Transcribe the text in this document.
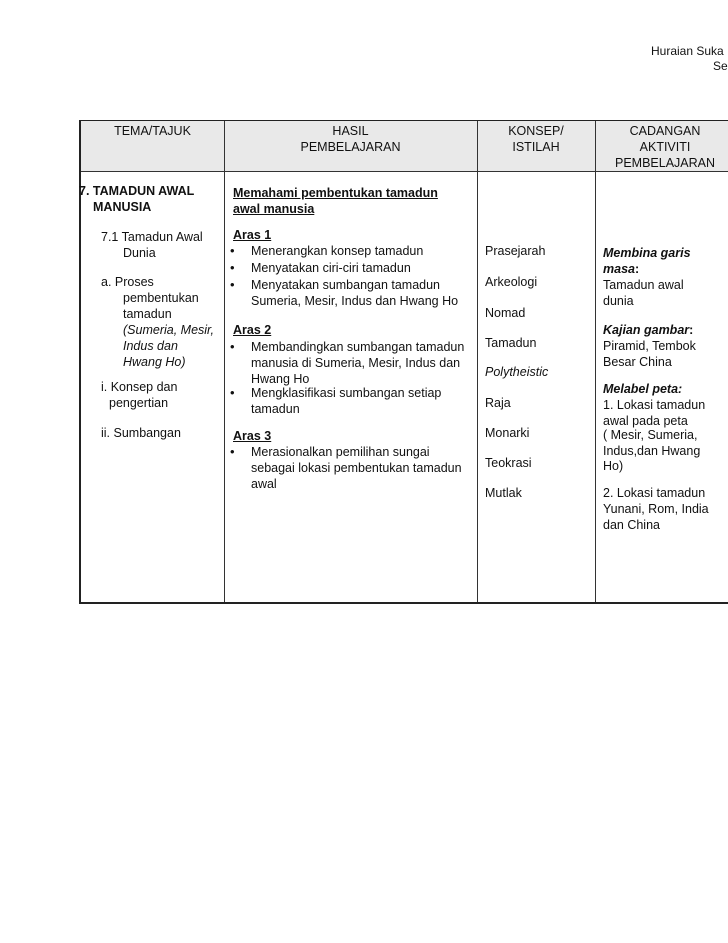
Huraian Suka
Se
TEMA/TAJUK	HASIL
PEMBELAJARAN
KONSEP/
ISTILAH
CADANGAN
AKTIVITI
PEMBELAJARAN
7. TAMADUN AWAL
MANUSIA
7.1 Tamadun Awal
Dunia
a. Proses
pembentukan
tamadun
(Sumeria, Mesir,
Indus dan
Hwang Ho)
i. Konsep dan
pengertian
ii. Sumbangan
Memahami pembentukan tamadun
awal manusia
Aras 1
• Menerangkan konsep tamadun
• Menyatakan ciri-ciri tamadun
• Menyatakan sumbangan tamadun
Sumeria, Mesir, Indus dan Hwang Ho
Aras 2
• Membandingkan sumbangan tamadun
manusia di Sumeria, Mesir, Indus dan
Hwang Ho
• Mengklasifikasi sumbangan setiap
tamadun
Aras 3
• Merasionalkan pemilihan sungai
sebagai lokasi pembentukan tamadun
awal
Prasejarah
Arkeologi
Nomad
Tamadun
Polytheistic
Raja
Monarki
Teokrasi
Mutlak
Membina garis
masa:
Tamadun awal
dunia
Kajian gambar:
Piramid, Tembok
Besar China
Melabel peta:
1. Lokasi tamadun
awal pada peta
( Mesir, Sumeria,
Indus,dan Hwang
Ho)
2. Lokasi tamadun
Yunani, Rom, India
dan China
